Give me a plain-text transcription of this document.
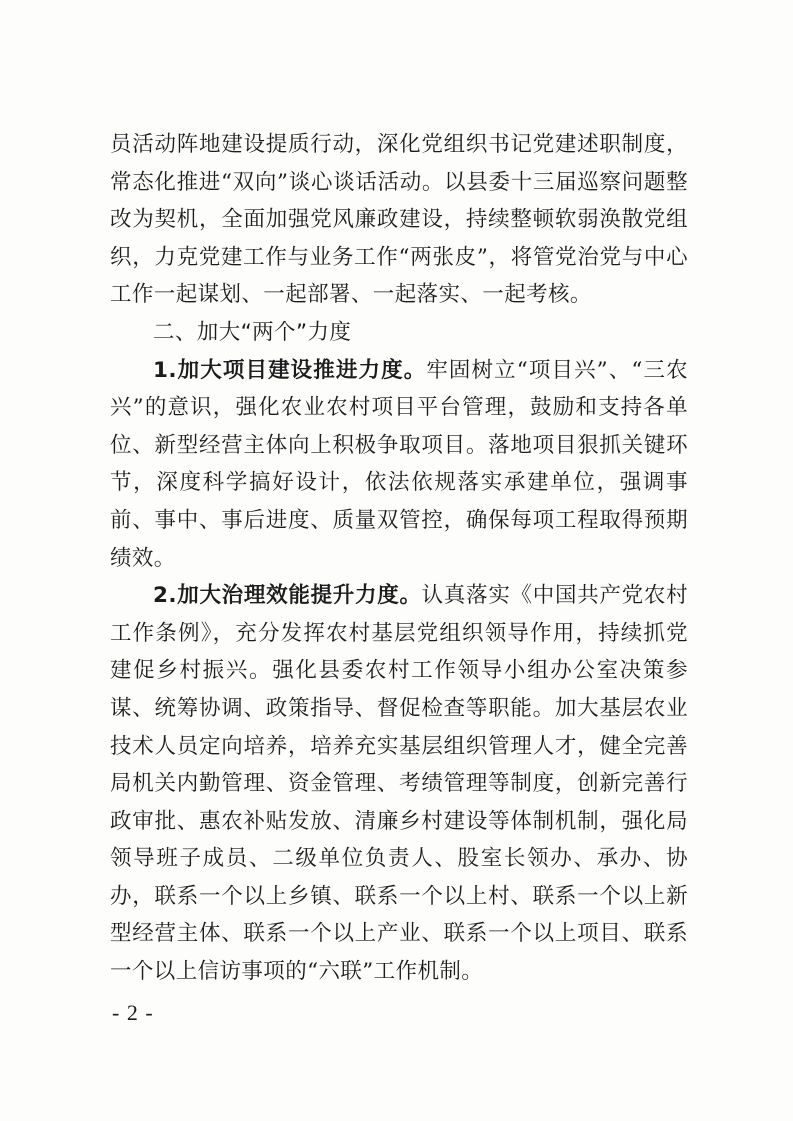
员活动阵地建设提质行动，深化党组织书记党建述职制度，常态化推进“双向”谈心谈话活动。以县委十三届巡察问题整改为契机，全面加强党风廉政建设，持续整顿软弱涣散党组织，力克党建工作与业务工作“两张皮”，将管党治党与中心工作一起谋划、一起部署、一起落实、一起考核。

二、加大“两个”力度

1.加大项目建设推进力度。牢固树立“项目兴”、“三农兴”的意识，强化农业农村项目平台管理，鼓励和支持各单位、新型经营主体向上积极争取项目。落地项目狠抓关键环节，深度科学搞好设计，依法依规落实承建单位，强调事前、事中、事后进度、质量双管控，确保每项工程取得预期绩效。

2.加大治理效能提升力度。认真落实《中国共产党农村工作条例》，充分发挥农村基层党组织领导作用，持续抓党建促乡村振兴。强化县委农村工作领导小组办公室决策参谋、统筹协调、政策指导、督促检查等职能。加大基层农业技术人员定向培养，培养充实基层组织管理人才，健全完善局机关内勤管理、资金管理、考绩管理等制度，创新完善行政审批、惠农补贴发放、清廉乡村建设等体制机制，强化局领导班子成员、二级单位负责人、股室长领办、承办、协办，联系一个以上乡镇、联系一个以上村、联系一个以上新型经营主体、联系一个以上产业、联系一个以上项目、联系一个以上信访事项的“六联”工作机制。

- 2 -
